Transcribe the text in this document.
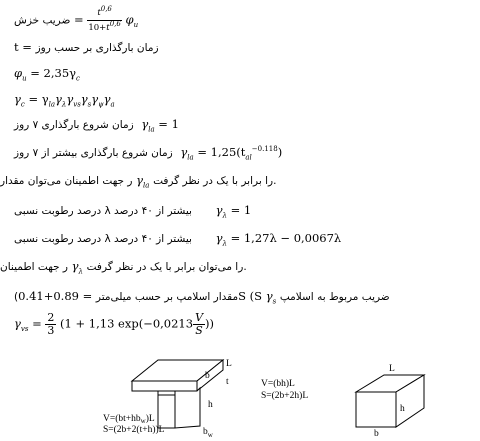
ضریب خزش = $\frac{t^{0,6}}{10+t^{0,6}} \varphi_u$
t = زمان بارگذاری بر حسب روز
$\varphi_u = 2,35\gamma_c$
$\gamma_c = \gamma_{la}\gamma_\lambda\gamma_{vs}\gamma_s\gamma_\psi\gamma_a$
زمان شروع بارگذاری ۷ روز $\gamma_{la} = 1$
زمان شروع بارگذاری بیشتر از ۷ روز $\gamma_{la} = 1,25(t_{al}^{-0.118})$
ر جهت اطمینان می‌توان مقدار $\gamma_{la}$ را برابر با یک در نظر گرفت.
درصد رطوبت نسبی λ بیشتر از ۴۰ درصد $\gamma_\lambda = 1$
درصد رطوبت نسبی λ بیشتر از ۴۰ درصد $\gamma_\lambda = 1,27\lambda - 0,0067\lambda$
ر جهت اطمینان $\gamma_\lambda$ را می‌توان برابر با یک در نظر گرفت.
(مقدار اسلامپ بر حسب میلی‌متر = 0.89+0.41S (S $\gamma_s$ ضریب مربوط به اسلامپ
$\gamma_{vs} = \frac{2}{3} (1 + 1,13$ $\exp(-0,0213 \frac{V}{S}$ ))
L
b
t
h
$b_w$
$V=(bt+hb_w)L$
S=(2b+2(t+h))L
L
h
b
V=(bh)L
S=(2b+2h)L
